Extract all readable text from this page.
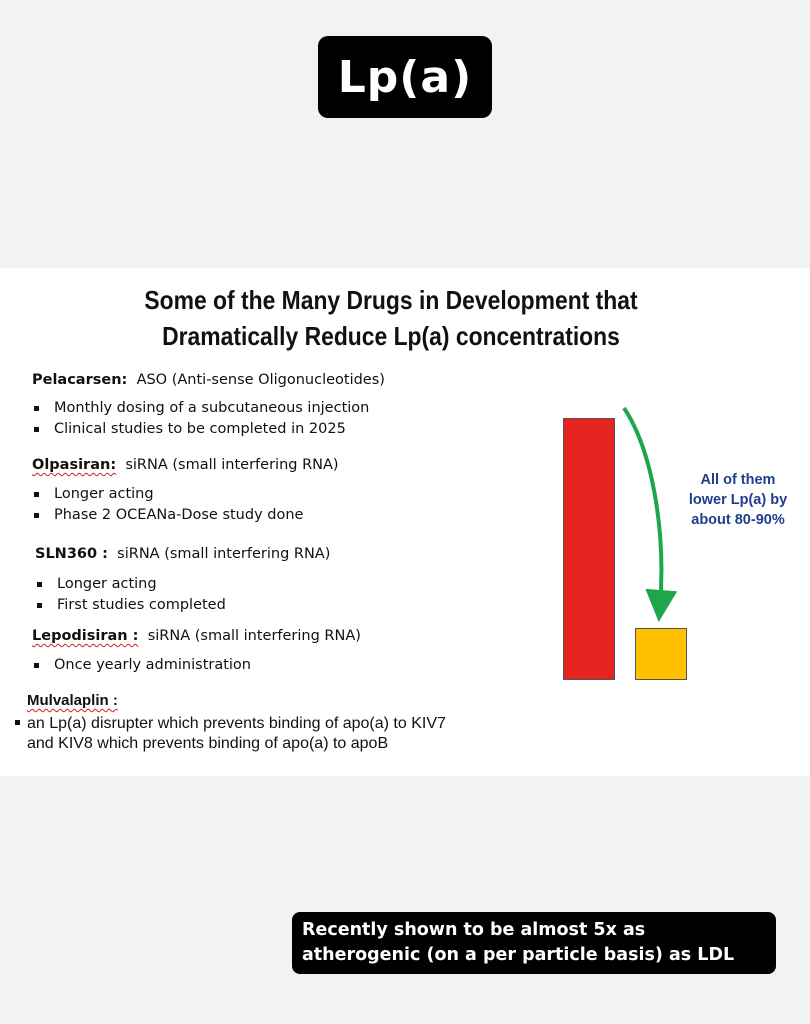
Lp(a)
Some of the Many Drugs in Development that
Dramatically Reduce Lp(a) concentrations
Pelacarsen: ASO (Anti-sense Oligonucleotides)
Monthly dosing of a subcutaneous injection
Clinical studies to be completed in 2025
Olpasiran: siRNA (small interfering RNA)
Longer acting
Phase 2 OCEANa-Dose study done
SLN360 : siRNA (small interfering RNA)
Longer acting
First studies completed
Lepodisiran : siRNA (small interfering RNA)
Once yearly administration
Mulvalaplin :
an Lp(a) disrupter which prevents binding of apo(a) to KIV7 and KIV8 which prevents binding of apo(a) to apoB
All of them
lower Lp(a) by
about 80-90%
Recently shown to be almost 5x as
atherogenic (on a per particle basis) as LDL
